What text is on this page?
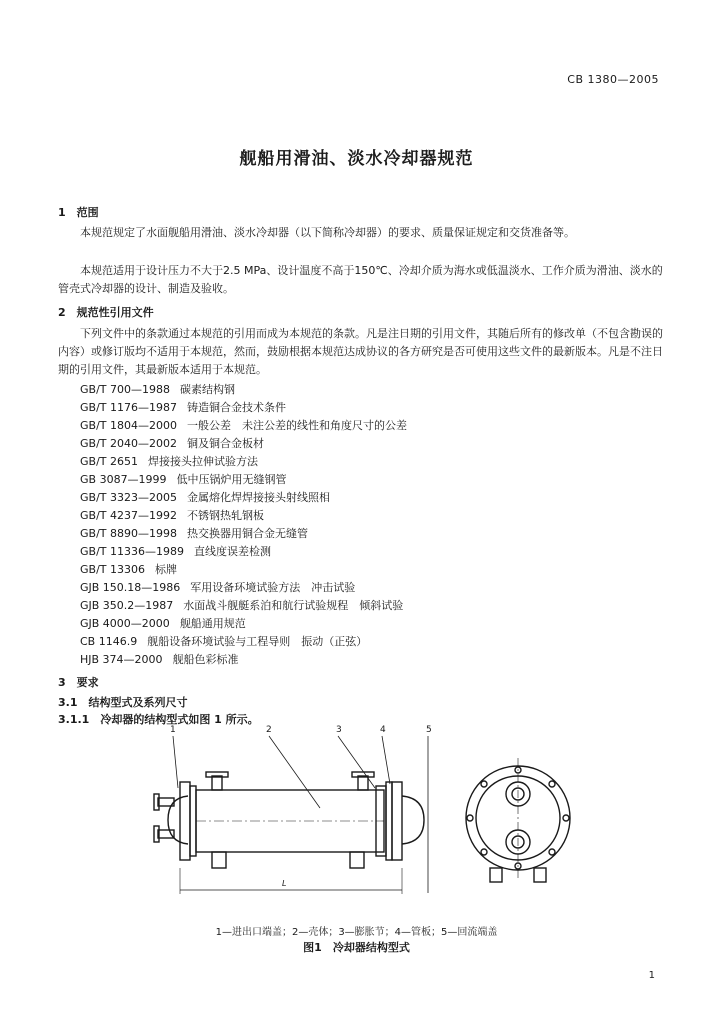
CB 1380—2005
舰船用滑油、淡水冷却器规范
1　范围
本规范规定了水面舰船用滑油、淡水冷却器（以下简称冷却器）的要求、质量保证规定和交货准备等。
本规范适用于设计压力不大于2.5 MPa、设计温度不高于150℃、冷却介质为海水或低温淡水、工作介质为滑油、淡水的管壳式冷却器的设计、制造及验收。
2　规范性引用文件
下列文件中的条款通过本规范的引用而成为本规范的条款。凡是注日期的引用文件，其随后所有的修改单（不包含勘误的内容）或修订版均不适用于本规范，然而，鼓励根据本规范达成协议的各方研究是否可使用这些文件的最新版本。凡是不注日期的引用文件，其最新版本适用于本规范。
GB/T 700—1988 碳素结构钢
GB/T 1176—1987 铸造铜合金技术条件
GB/T 1804—2000 一般公差　未注公差的线性和角度尺寸的公差
GB/T 2040—2002 铜及铜合金板材
GB/T 2651 焊接接头拉伸试验方法
GB 3087—1999 低中压锅炉用无缝钢管
GB/T 3323—2005 金属熔化焊焊接接头射线照相
GB/T 4237—1992 不锈钢热轧钢板
GB/T 8890—1998 热交换器用铜合金无缝管
GB/T 11336—1989 直线度误差检测
GB/T 13306 标牌
GJB 150.18—1986 军用设备环境试验方法　冲击试验
GJB 350.2—1987 水面战斗舰艇系泊和航行试验规程　倾斜试验
GJB 4000—2000 舰船通用规范
CB 1146.9 舰船设备环境试验与工程导则　振动（正弦）
HJB 374—2000 舰船色彩标准
3　要求
3.1　结构型式及系列尺寸
3.1.1　冷却器的结构型式如图 1 所示。
1	2	3	4	5
L
1—进出口端盖；2—壳体；3—膨胀节；4—管板；5—回流端盖
图1　冷却器结构型式
1
